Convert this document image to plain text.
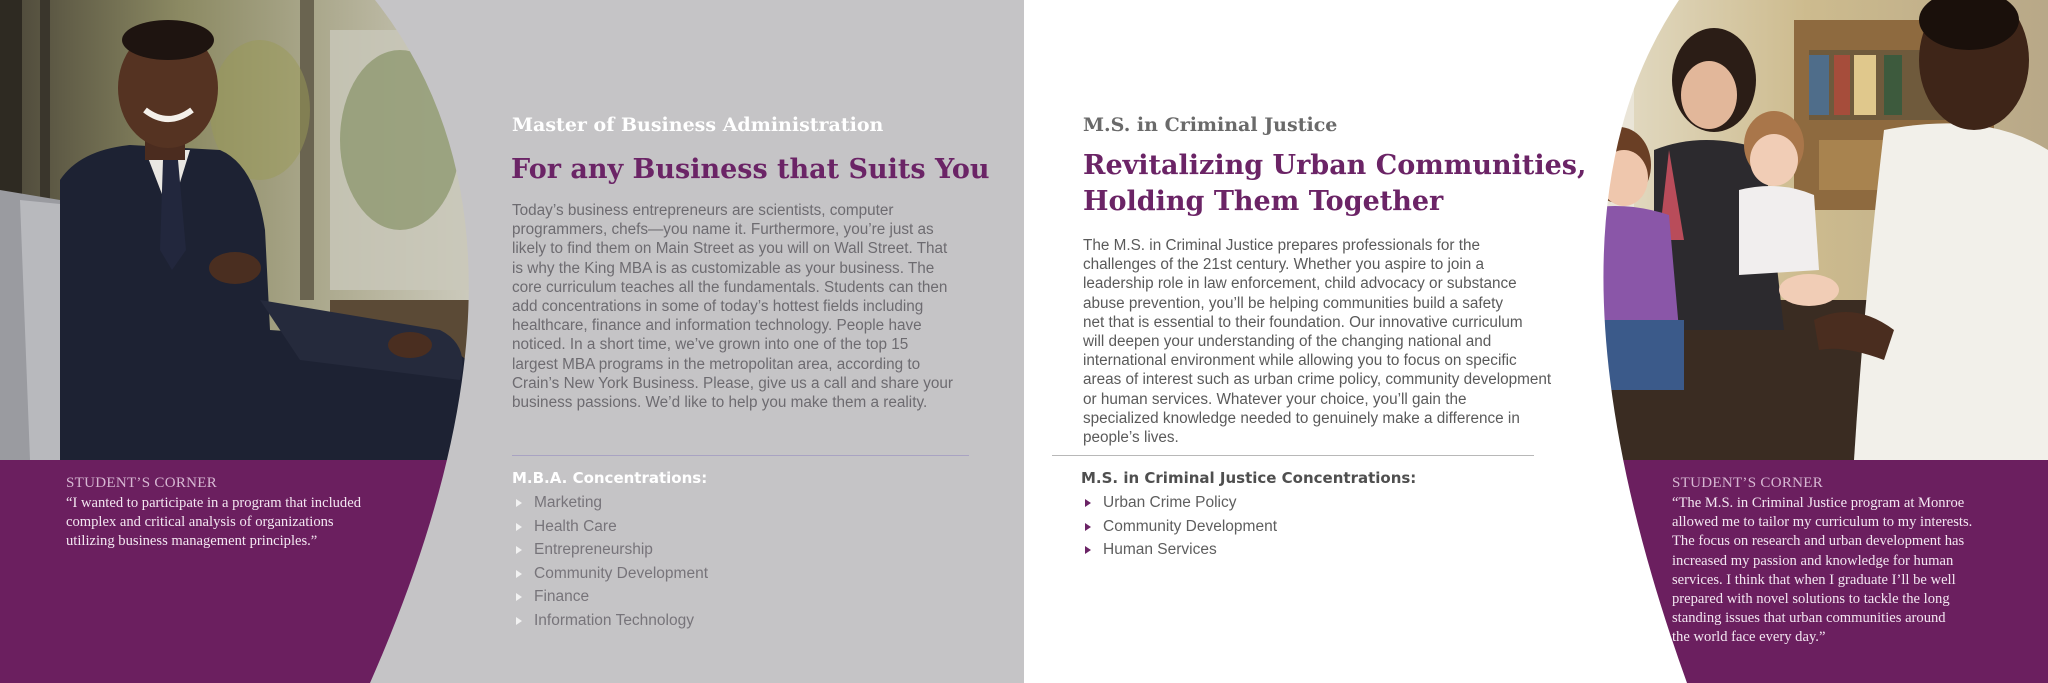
Master of Business Administration
For any Business that Suits You
Today’s business entrepreneurs are scientists, computer
programmers, chefs—you name it. Furthermore, you’re just as
likely to find them on Main Street as you will on Wall Street. That
is why the King MBA is as customizable as your business. The
core curriculum teaches all the fundamentals. Students can then
add concentrations in some of today’s hottest fields including
healthcare, finance and information technology. People have
noticed. In a short time, we’ve grown into one of the top 15
largest MBA programs in the metropolitan area, according to
Crain’s New York Business. Please, give us a call and share your
business passions. We’d like to help you make them a reality.
M.B.A. Concentrations:
Marketing
Health Care
Entrepreneurship
Community Development
Finance
Information Technology
STUDENT’S CORNER
“I wanted to participate in a program that included
complex and critical analysis of organizations
utilizing business management principles.”
M.S. in Criminal Justice
Revitalizing Urban Communities,
Holding Them Together
The M.S. in Criminal Justice prepares professionals for the
challenges of the 21st century. Whether you aspire to join a
leadership role in law enforcement, child advocacy or substance
abuse prevention, you’ll be helping communities build a safety
net that is essential to their foundation. Our innovative curriculum
will deepen your understanding of the changing national and
international environment while allowing you to focus on specific
areas of interest such as urban crime policy, community development
or human services. Whatever your choice, you’ll gain the
specialized knowledge needed to genuinely make a difference in
people’s lives.
M.S. in Criminal Justice Concentrations:
Urban Crime Policy
Community Development
Human Services
STUDENT’S CORNER
“The M.S. in Criminal Justice program at Monroe
allowed me to tailor my curriculum to my interests.
The focus on research and urban development has
increased my passion and knowledge for human
services. I think that when I graduate I’ll be well
prepared with novel solutions to tackle the long
standing issues that urban communities around
the world face every day.”
